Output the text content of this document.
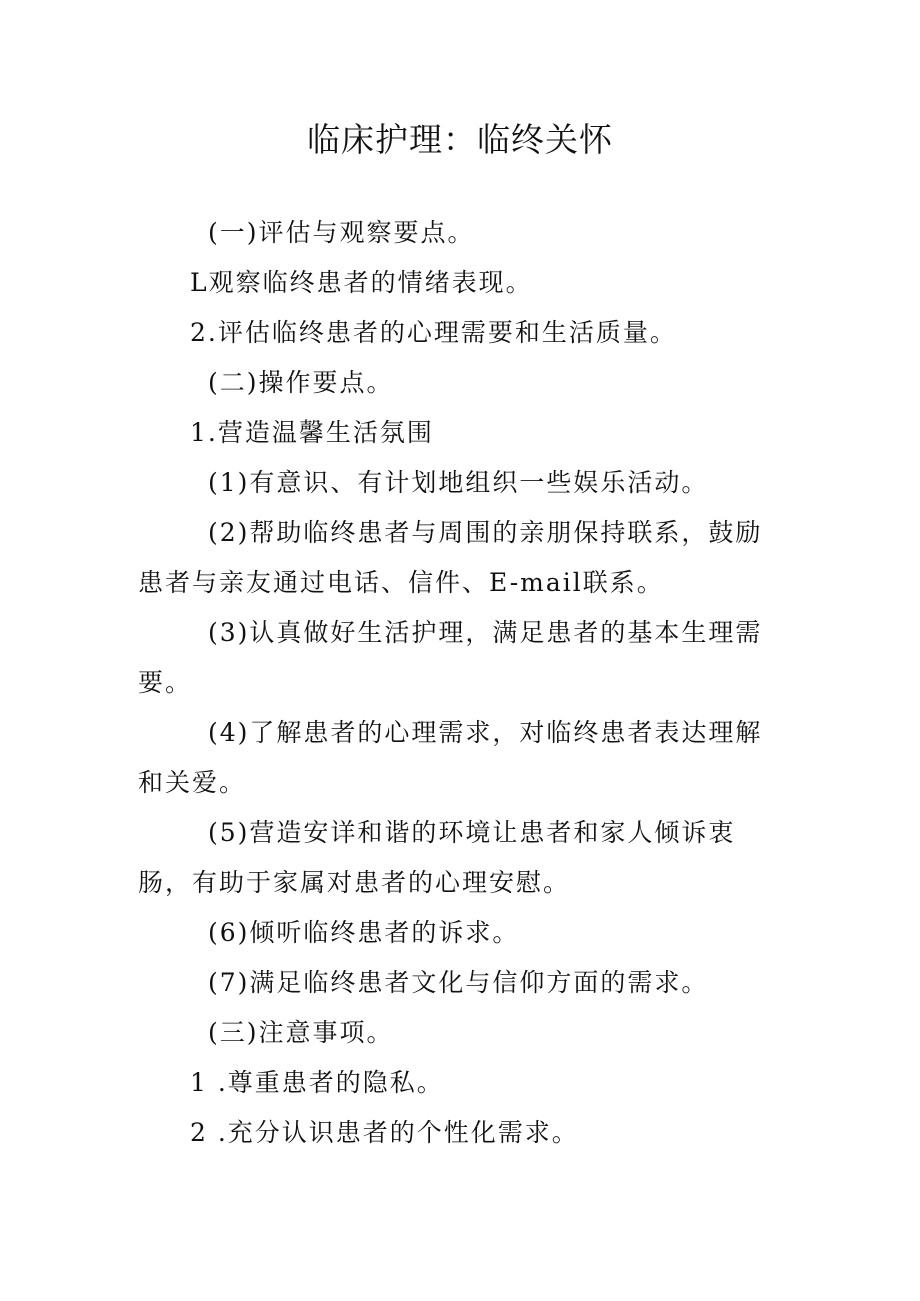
临床护理：临终关怀

(一)评估与观察要点。

L观察临终患者的情绪表现。

2.评估临终患者的心理需要和生活质量。

(二)操作要点。

1.营造温馨生活氛围

(1)有意识、有计划地组织一些娱乐活动。

(2)帮助临终患者与周围的亲朋保持联系，鼓励患者与亲友通过电话、信件、E-mail联系。

(3)认真做好生活护理，满足患者的基本生理需要。

(4)了解患者的心理需求，对临终患者表达理解和关爱。

(5)营造安详和谐的环境让患者和家人倾诉衷肠，有助于家属对患者的心理安慰。

(6)倾听临终患者的诉求。

(7)满足临终患者文化与信仰方面的需求。

(三)注意事项。

1 .尊重患者的隐私。

2 .充分认识患者的个性化需求。
